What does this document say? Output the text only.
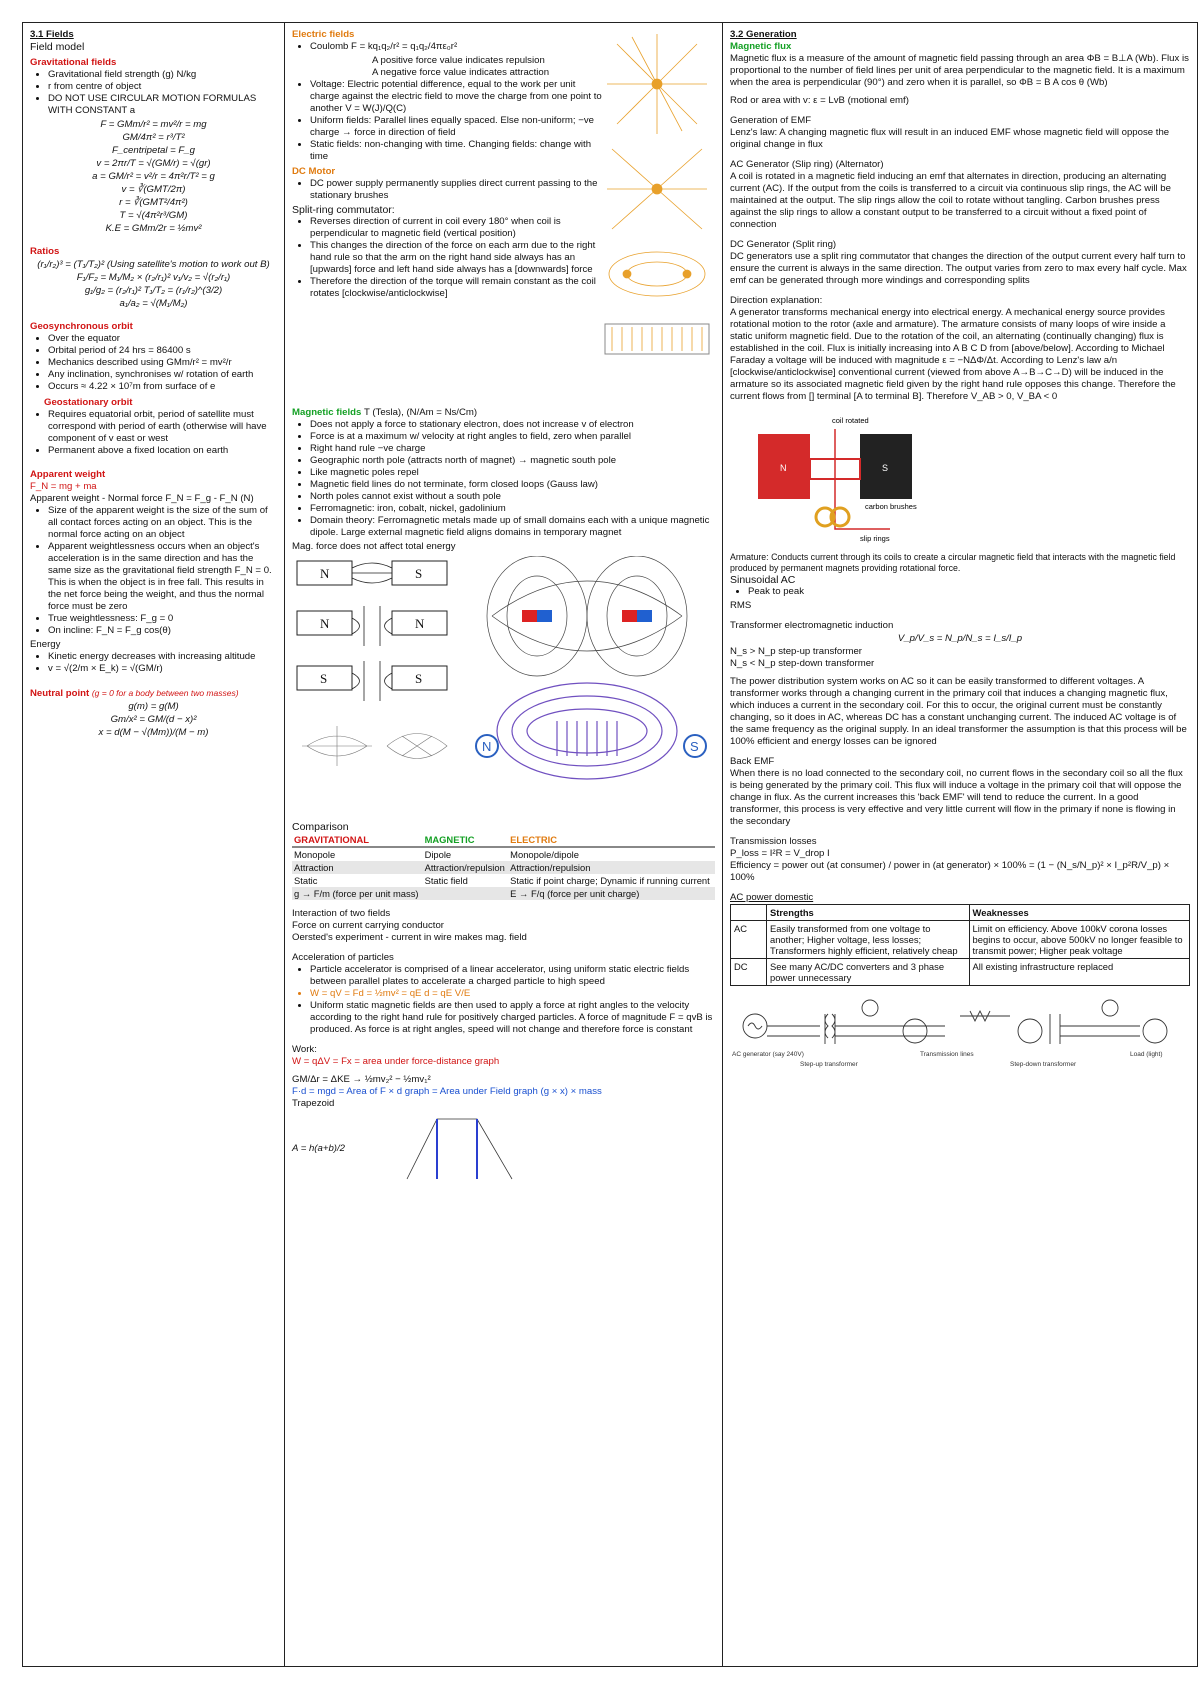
3.1 Fields

Field model

Gravitational fields

• Gravitational field strength (g) N/kg
• r from centre of object
• DO NOT USE CIRCULAR MOTION FORMULAS WITH CONSTANT a

F = GMm/r² = mv²/r = mg

GM/4π² = r³/T²

F_centripetal = F_g

v = 2πr/T = √(GM/r) = √(gr)

a = GM/r² = v²/r = 4π²r/T² = g

v = ∛(GMT/2π)

r = ∛(GMT²/4π²)

T = √(4π²r³/GM)

K.E = GMm/2r = ½mv²

Ratios

(r₁/r₂)³ = (T₁/T₂)² (Using satellite's motion to work out B)

F₁/F₂ = M₁/M₂ × (r₂/r₁)² v₁/v₂ = √(r₂/r₁)

g₁/g₂ = (r₂/r₁)² T₁/T₂ = (r₁/r₂)^(3/2)

a₁/a₂ = √(M₁/M₂)

Geosynchronous orbit

• Over the equator
• Orbital period of 24 hrs = 86400 s
• Mechanics described using GMm/r² = mv²/r
• Any inclination, synchronises w/ rotation of earth
• Occurs ≈ 4.22 × 10⁷m from surface of e

Geostationary orbit

• Requires equatorial orbit, period of satellite must correspond with period of earth (otherwise will have component of v east or west
• Permanent above a fixed location on earth

Apparent weight

F_N = mg + ma

Apparent weight - Normal force F_N = F_g - F_N (N)

• Size of the apparent weight is the size of the sum of all contact forces acting on an object. This is the normal force acting on an object
• Apparent weightlessness occurs when an object's acceleration is in the same direction and has the same size as the gravitational field strength F_N = 0. This is when the object is in free fall. This results in the net force being the weight, and thus the normal force must be zero
• True weightlessness: F_g = 0
• On incline: F_N = F_g cos(θ)

Energy

• Kinetic energy decreases with increasing altitude
• v = √(2/m × E_k) = √(GM/r)

Neutral point (g = 0 for a body between two masses)

g(m) = g(M)

Gm/x² = GM/(d − x)²

x = d(M − √(Mm))/(M − m)

Electric fields

• Coulomb F = kq₁q₂/r² = q₁q₂/4πε₀r²

A positive force value indicates repulsion

A negative force value indicates attraction

• Voltage: Electric potential difference, equal to the work per unit charge against the electric field to move the charge from one point to another V = W(J)/Q(C)
• Uniform fields: Parallel lines equally spaced. Else non-uniform; −ve charge → force in direction of field
• Static fields: non-changing with time. Changing fields: change with time

DC Motor

• DC power supply permanently supplies direct current passing to the stationary brushes

Split-ring commutator:

• Reverses direction of current in coil every 180° when coil is perpendicular to magnetic field (vertical position)
• This changes the direction of the force on each arm due to the right hand rule so that the arm on the right hand side always has an [upwards] force and left hand side always has a [downwards] force
• Therefore the direction of the torque will remain constant as the coil rotates [clockwise/anticlockwise]

Magnetic fields T (Tesla), (N/Am = Ns/Cm)

• Does not apply a force to stationary electron, does not increase v of electron
• Force is at a maximum w/ velocity at right angles to field, zero when parallel
• Right hand rule −ve charge
• Geographic north pole (attracts north of magnet) → magnetic south pole
• Like magnetic poles repel
• Magnetic field lines do not terminate, form closed loops (Gauss law)
• North poles cannot exist without a south pole
• Ferromagnetic: iron, cobalt, nickel, gadolinium
• Domain theory: Ferromagnetic metals made up of small domains each with a unique magnetic dipole. Large external magnetic field aligns domains in temporary magnet

Mag. force does not affect total energy

N	S
N	N
S	S
N	S

Comparison

GRAVITATIONAL	MAGNETIC	ELECTRIC
Monopole	Dipole	Monopole/dipole
Attraction	Attraction/repulsion	Attraction/repulsion
Static	Static field	Static if point charge; Dynamic if running current
g → F/m (force per unit mass)		E → F/q (force per unit charge)

Interaction of two fields

Force on current carrying conductor

Oersted's experiment - current in wire makes mag. field

Acceleration of particles

• Particle accelerator is comprised of a linear accelerator, using uniform static electric fields between parallel plates to accelerate a charged particle to high speed
• W = qV = Fd = ½mv² = qE d = qE V/E
• Uniform static magnetic fields are then used to apply a force at right angles to the velocity according to the right hand rule for positively charged particles. A force of magnitude F = qvB is produced. As force is at right angles, speed will not change and therefore force is constant

Work:

W = qΔV = Fx = area under force-distance graph

GM/Δr = ΔKE → ½mv₂² − ½mv₁²

F·d = mgd = Area of F × d graph = Area under Field graph (g × x) × mass

Trapezoid

A = h(a+b)/2

3.2 Generation

Magnetic flux

Magnetic flux is a measure of the amount of magnetic field passing through an area ΦB = B⊥A (Wb). Flux is proportional to the number of field lines per unit of area perpendicular to the magnetic field. It is a maximum when the area is perpendicular (90°) and zero when it is parallel, so ΦB = B A cos θ (Wb)

Rod or area with v: ε = LvB (motional emf)

Generation of EMF

Lenz's law: A changing magnetic flux will result in an induced EMF whose magnetic field will oppose the original change in flux

AC Generator (Slip ring) (Alternator)

A coil is rotated in a magnetic field inducing an emf that alternates in direction, producing an alternating current (AC). If the output from the coils is transferred to a circuit via continuous slip rings, the AC will be maintained at the output. The slip rings allow the coil to rotate without tangling. Carbon brushes press against the slip rings to allow a constant output to be transferred to a circuit without a fixed point of connection

DC Generator (Split ring)

DC generators use a split ring commutator that changes the direction of the output current every half turn to ensure the current is always in the same direction. The output varies from zero to max every half cycle. Max emf can be generated through more windings and corresponding splits

Direction explanation:

A generator transforms mechanical energy into electrical energy. A mechanical energy source provides rotational motion to the rotor (axle and armature). The armature consists of many loops of wire inside a static uniform magnetic field. Due to the rotation of the coil, an alternating (continually changing) flux is established in the coil. Flux is initially increasing into A B C D from [above/below]. According to Michael Faraday a voltage will be induced with magnitude ε = −NΔΦ/Δt. According to Lenz's law a/n [clockwise/anticlockwise] conventional current (viewed from above A→B→C→D) will be induced in the armature so its associated magnetic field given by the right hand rule opposes this change. Therefore the current flows from [] terminal [A to terminal B]. Therefore V_AB > 0, V_BA < 0

N	S
coil rotated
carbon brushes
slip rings

Armature: Conducts current through its coils to create a circular magnetic field that interacts with the magnetic field produced by permanent magnets providing rotational force.

Sinusoidal AC

• Peak to peak

RMS

Transformer electromagnetic induction

V_p/V_s = N_p/N_s = I_s/I_p

N_s > N_p step-up transformer

N_s < N_p step-down transformer

The power distribution system works on AC so it can be easily transformed to different voltages. A transformer works through a changing current in the primary coil that induces a changing magnetic flux, which induces a current in the secondary coil. For this to occur, the original current must be constantly changing, so it does in AC, whereas DC has a constant unchanging current. The induced AC voltage is of the same frequency as the original supply. In an ideal transformer the assumption is that this process will be 100% efficient and energy losses can be ignored

Back EMF

When there is no load connected to the secondary coil, no current flows in the secondary coil so all the flux is being generated by the primary coil. This flux will induce a voltage in the primary coil that will oppose the change in flux. As the current increases this 'back EMF' will tend to reduce the current. In a good transformer, this process is very effective and very little current will flow in the primary if none is flowing in the secondary

Transmission losses

P_loss = I²R = V_drop I

Efficiency = power out (at consumer) / power in (at generator) × 100% = (1 − (N_s/N_p)² × I_p²R/V_p) × 100%

AC power domestic

	Strengths	Weaknesses
AC	Easily transformed from one voltage to another; Higher voltage, less losses; Transformers highly efficient, relatively cheap	Limit on efficiency. Above 100kV corona losses begins to occur, above 500kV no longer feasible to transmit power; Higher peak voltage
DC	See many AC/DC converters and 3 phase power unnecessary	All existing infrastructure replaced
AC generator (say 240V)
Step-up transformer
Transmission lines
Step-down transformer
Load (light)
